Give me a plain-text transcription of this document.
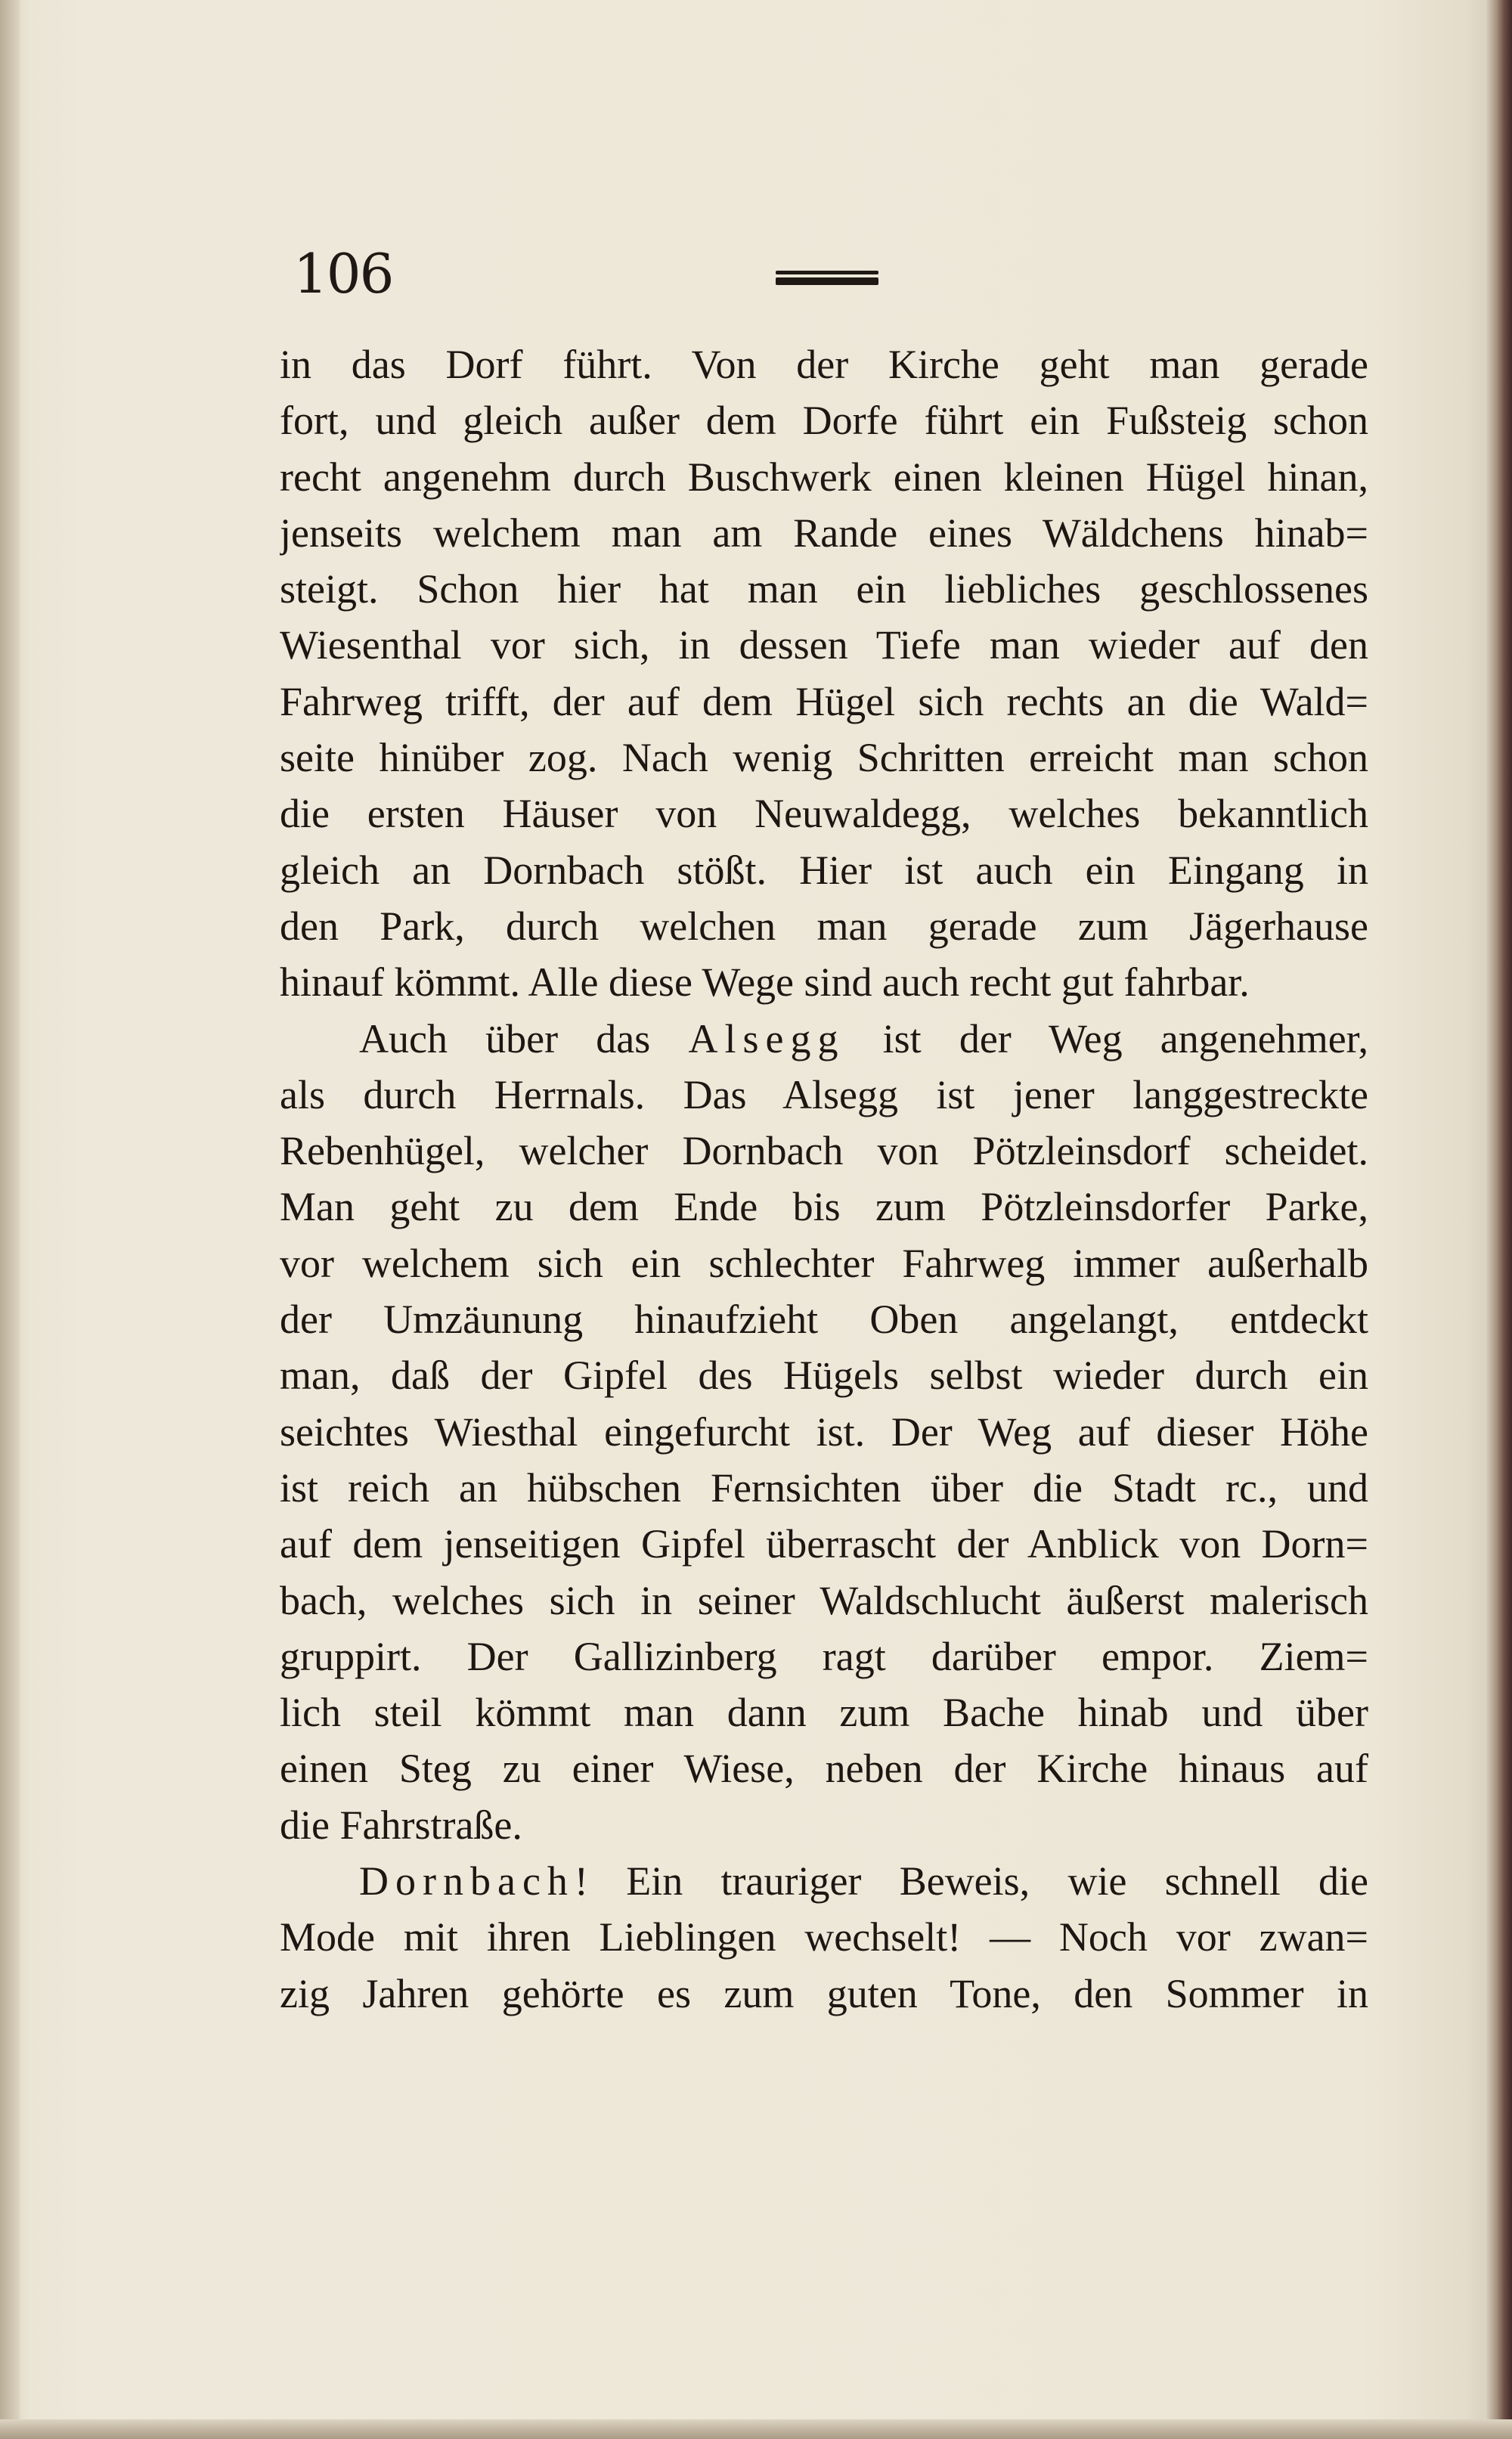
106
in das Dorf führt. Von der Kirche geht man gerade
fort, und gleich außer dem Dorfe führt ein Fußsteig schon
recht angenehm durch Buschwerk einen kleinen Hügel hinan,
jenseits welchem man am Rande eines Wäldchens hinab=
steigt. Schon hier hat man ein liebliches geschlossenes
Wiesenthal vor sich, in dessen Tiefe man wieder auf den
Fahrweg trifft, der auf dem Hügel sich rechts an die Wald=
seite hinüber zog. Nach wenig Schritten erreicht man schon
die ersten Häuser von Neuwaldegg, welches bekanntlich
gleich an Dornbach stößt. Hier ist auch ein Eingang in
den Park, durch welchen man gerade zum Jägerhause
hinauf kömmt. Alle diese Wege sind auch recht gut fahrbar.
Auch über das Alsegg ist der Weg angenehmer,
als durch Herrnals. Das Alsegg ist jener langgestreckte
Rebenhügel, welcher Dornbach von Pötzleinsdorf scheidet.
Man geht zu dem Ende bis zum Pötzleinsdorfer Parke,
vor welchem sich ein schlechter Fahrweg immer außerhalb
der Umzäunung hinaufzieht Oben angelangt, entdeckt
man, daß der Gipfel des Hügels selbst wieder durch ein
seichtes Wiesthal eingefurcht ist. Der Weg auf dieser Höhe
ist reich an hübschen Fernsichten über die Stadt rc., und
auf dem jenseitigen Gipfel überrascht der Anblick von Dorn=
bach, welches sich in seiner Waldschlucht äußerst malerisch
gruppirt. Der Gallizinberg ragt darüber empor. Ziem=
lich steil kömmt man dann zum Bache hinab und über
einen Steg zu einer Wiese, neben der Kirche hinaus auf
die Fahrstraße.
Dornbach! Ein trauriger Beweis, wie schnell die
Mode mit ihren Lieblingen wechselt! — Noch vor zwan=
zig Jahren gehörte es zum guten Tone, den Sommer in
